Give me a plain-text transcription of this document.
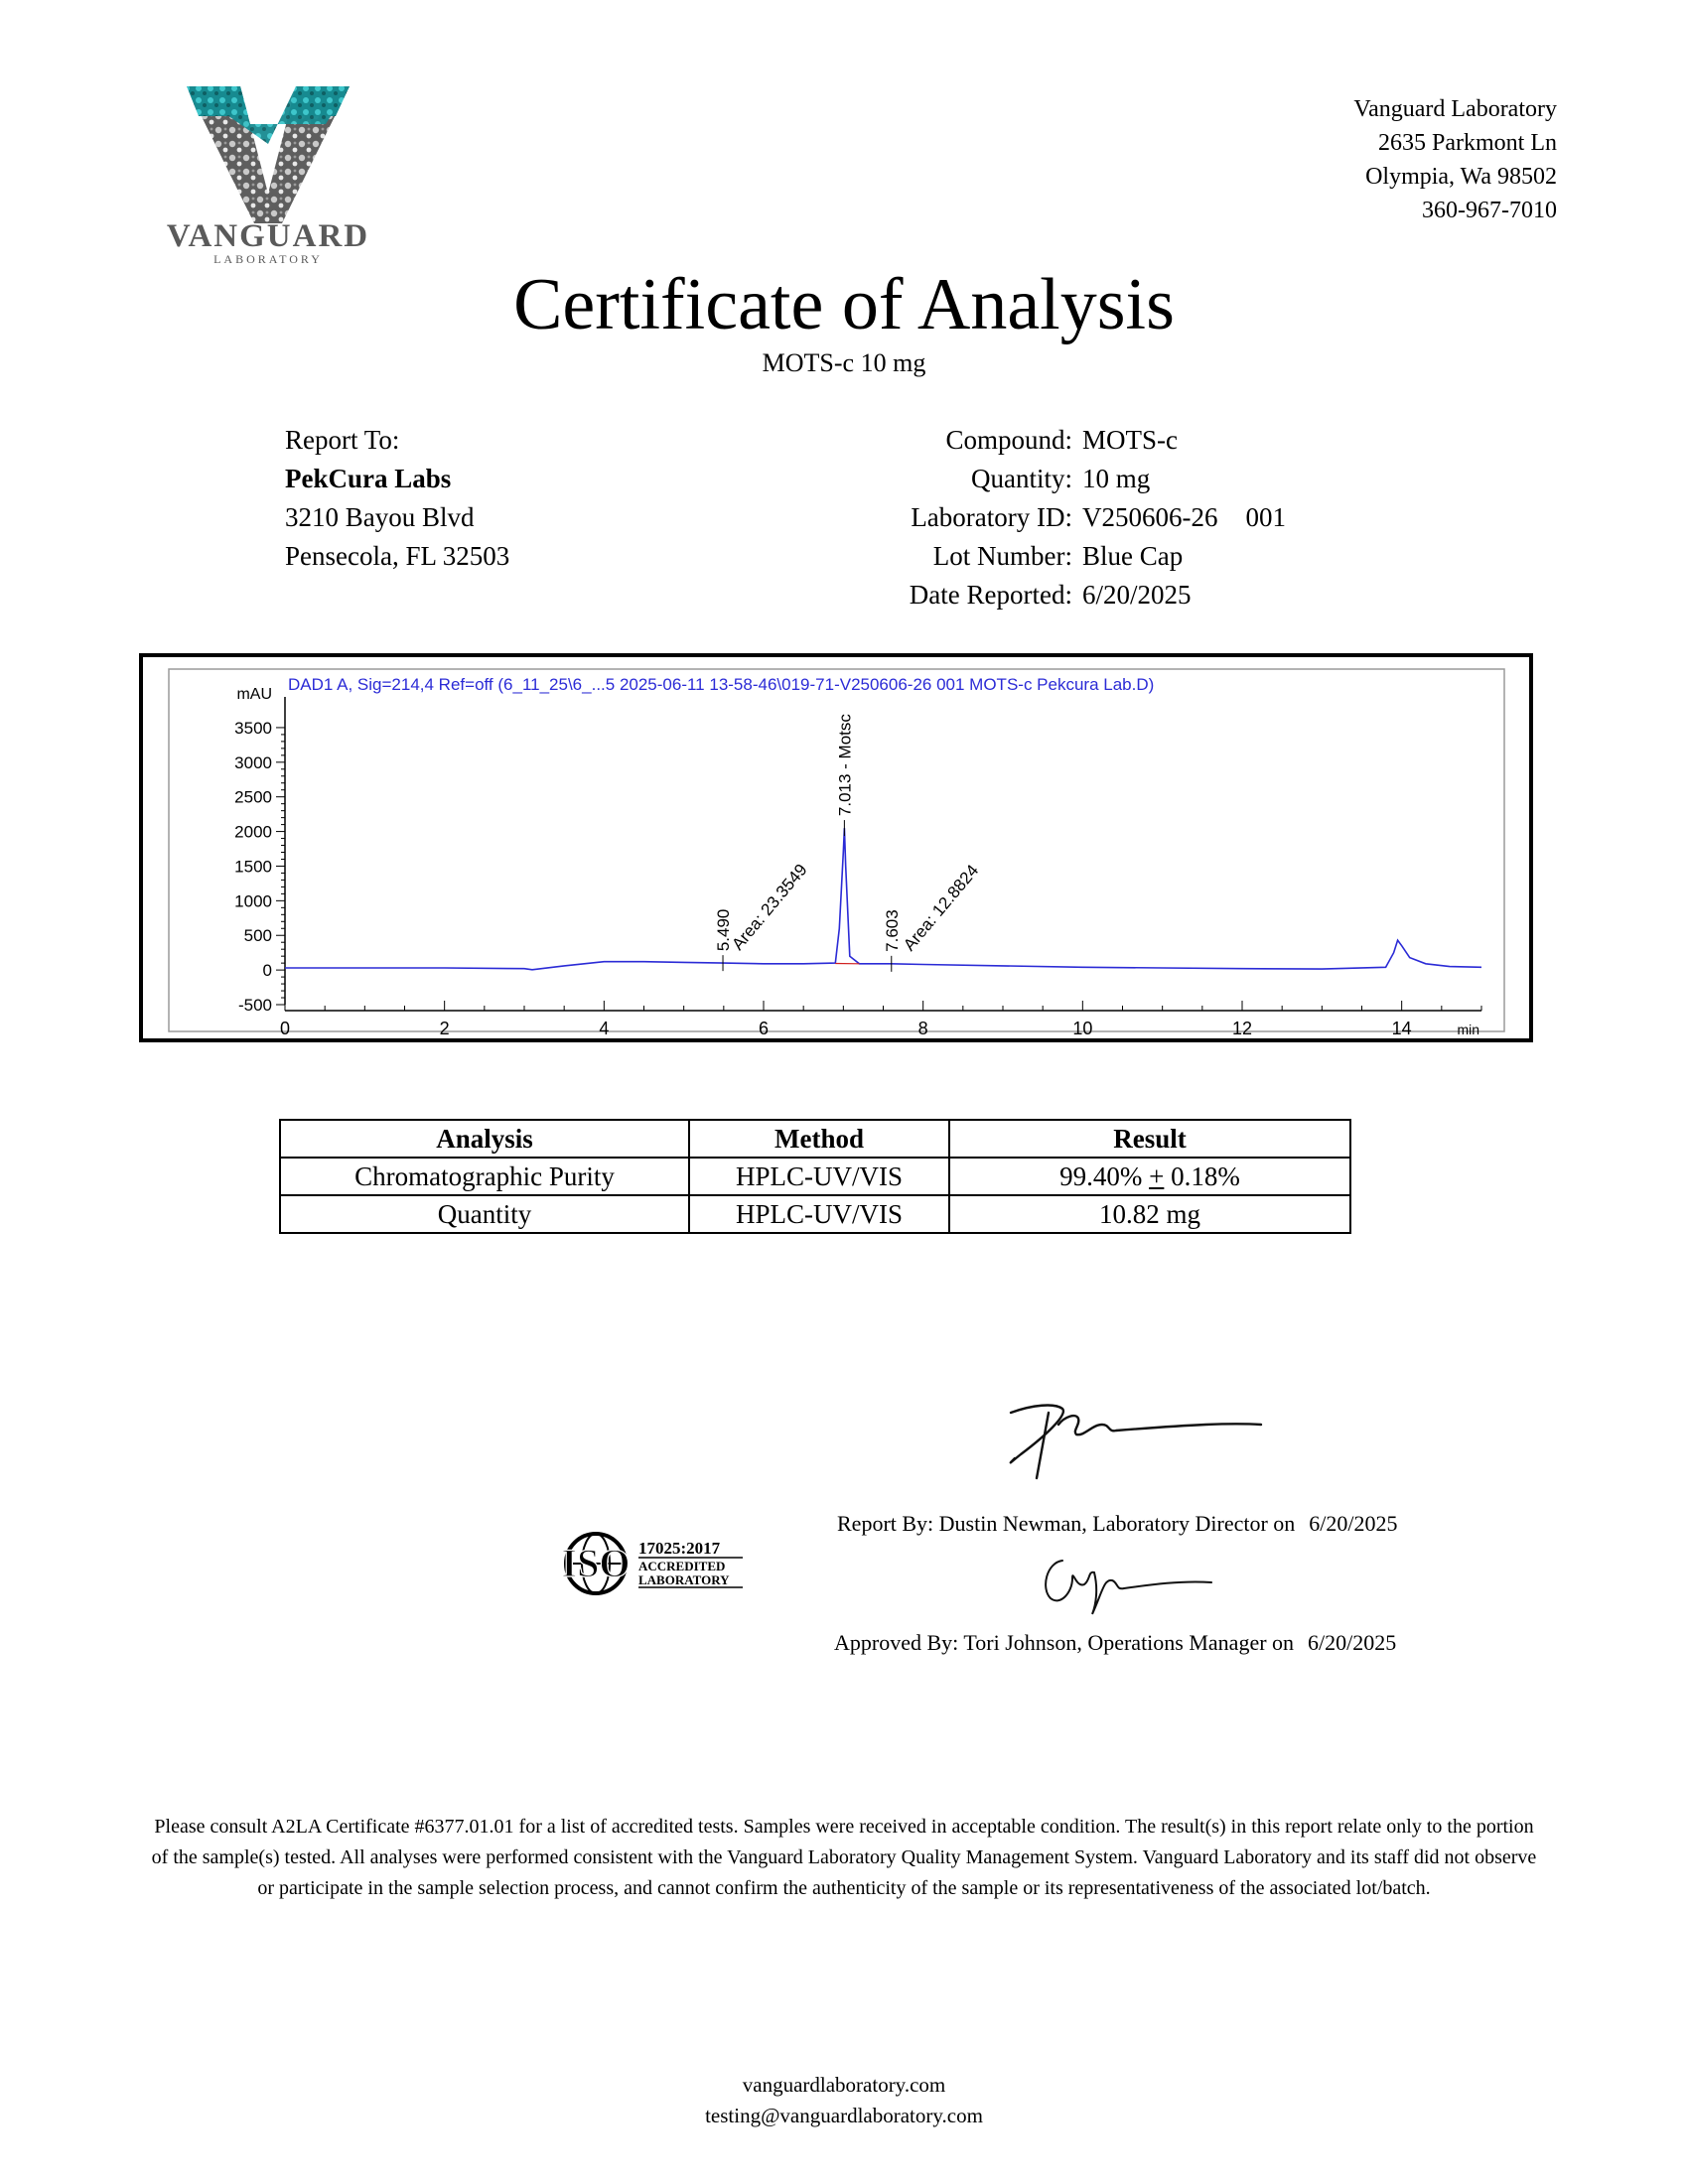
VANGUARD
LABORATORY
Vanguard Laboratory
2635 Parkmont Ln
Olympia, Wa 98502
360-967-7010
Certificate of Analysis
MOTS-c 10 mg
Report To:
PekCura Labs
3210 Bayou Blvd
Pensecola, FL 32503
Compound: MOTS-c
Quantity: 10 mg
Laboratory ID: V250606-26 001
Lot Number: Blue Cap
Date Reported: 6/20/2025
DAD1 A, Sig=214,4 Ref=off (6_11_25\6_...5 2025-06-11 13-58-46\019-71-V250606-26 001 MOTS-c Pekcura Lab.D)
0	2	4	6	8	10	12	14	min
-500
0
500
1000
1500
2000
2500
3000
3500
mAU
5.490
7.013 - Motsc
7.603
Area: 23.3549	Area: 12.8824
Analysis	Method	Result
Chromatographic Purity	HPLC-UV/VIS	99.40% + 0.18%
Quantity	HPLC-UV/VIS	10.82 mg
Report By: Dustin Newman, Laboratory Director on 6/20/2025
Approved By: Tori Johnson, Operations Manager on 6/20/2025
ISO 17025:2017
ACCREDITED
LABORATORY
Please consult A2LA Certificate #6377.01.01 for a list of accredited tests. Samples were received in acceptable condition. The result(s) in this report relate only to the portion of the sample(s) tested. All analyses were performed consistent with the Vanguard Laboratory Quality Management System. Vanguard Laboratory and its staff did not observe or participate in the sample selection process, and cannot confirm the authenticity of the sample or its representativeness of the associated lot/batch.
vanguardlaboratory.com
testing@vanguardlaboratory.com
